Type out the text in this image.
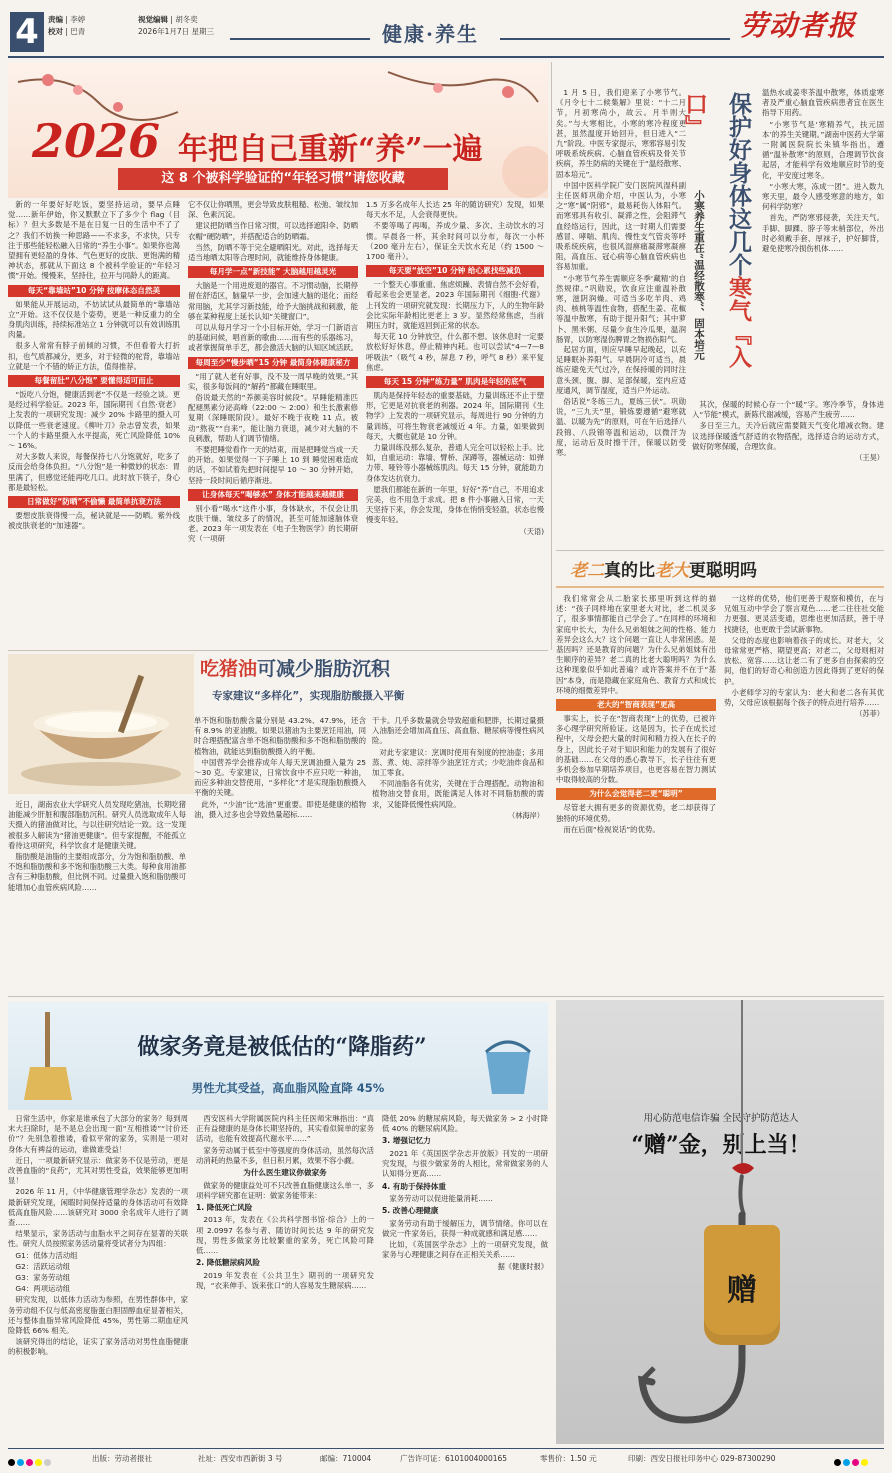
4	责编 | 李婷
校对 | 巴青
视觉编辑 | 胡冬奕
2026年1月7日 星期三	健康·养生	劳动者报
2026 年把自己重新“养”一遍
这 8 个被科学验证的“年轻习惯”请您收藏

新的一年要好好吃饭，要坚持运动，要早点睡觉……新年伊始，你又默默立下了多少个 flag（目标）？但大多数是不是在日复一日的生活中不了了之？我们不妨换一种思路——不求多，不求快，只专注于那些能轻松融入日常的“养生小事”。如果你也渴望拥有更轻盈的身体、气色更好的皮肤、更饱满的精神状态，那就从下面这 8 个被科学验证的“年轻习惯”开始。慢慢来，坚持住，拉开与同龄人的距离。

每天“靠墙站”10 分钟 按摩体态自然美

如果能从开展运动，不妨试试从最简单的“靠墙站立”开始。这不仅仅是个姿势，更是一种反重力的全身肌肉训练，持续标准站立 1 分钟就可以有效训练肌肉量。

很多人常常有脖子前倾的习惯，不但看着大打折扣，也气质都减分，更多，对于轻微的驼背，靠墙站立就是一个不错的矫正方法，值得推荐。

每餐留肚“八分饱” 要懂得适可而止

“饭吃八分饱，健康活到老”不仅是一经验之谈。更是经过科学验证。2023 年，国际期刊《自然·衰老》上发表的一项研究发现：减少 20% 卡路里的摄入可以降低一些衰老速度。《柳叶刀》杂志曾发表，如果一个人的卡路里摄入水平提高，死亡风险降低 10% ～ 16%。

对大多数人来说，每餐保持七八分饱就好，吃多了反而会给身体负担。“八分饱”是一种微妙的状态：胃里满了，但感觉还能再吃几口。此时放下筷子，身心都是最轻松。

日常做好“防晒”不偷懒 最简单抗衰方法

要想皮肤衰得慢一点，秘诀就是——防晒。紫外线被皮肤衰老的“加速器”。

它不仅让你晒黑，更会导致皮肤粗糙、松弛、皱纹加深、色素沉淀。

建议把防晒当作日常习惯，可以选择遮阳伞、防晒衣帽“硬防晒”，并搭配适合的防晒霜。

当然，防晒不等于完全避晒阳光。对此，选择每天适当地晒太阳等合理时间，就能维持身体健康。

每月学一点“新技能” 大脑越用越灵光

大脑是一个用进废退的器官。不习惯动脑，长期停留在舒适区，脑量早一步，会加速大脑的退化；而经常用脑，尤其学习新技能，给予大脑挑战和刺激，能够在某种程度上延长认知“关键窗口”。

可以从每月学习一个小目标开始，学习一门新语言的基础问候，唱首新的歌曲……而有些的乐器练习，或者掌握简单手艺，都会激活大脑的认知区域活跃。

每周至少“慢步晒”15 分钟 最简身体健康秘方

“用了就人老有好事，没不及一周早晚的效果。”其实，很多每饭间的“解药”都藏在睡眠里。

俗说最天然的“养颜美容时候段”。早睡能精准匹配褪黑素分泌高峰（22:00 ～ 2:00）和生长激素修复期（深睡眠阶段）。最好不晚于夜晚 11 点。被动“熬夜”“自来”，能让脑力衰退，减少对大脑的不良刺激，帮助人们调节情绪。

不要把睡觉看作一天的结束，而是把睡觉当成一天的开始。如果觉得一下子睡上 10 到 睡觉困难造成的话，不如试着先把时间提早 10 ～ 30 分钟开始，坚持一段时间后循序渐进。

让身体每天“喝够水” 身体才能越来越健康

别小看“喝水”这件小事，身体缺水，不仅会让肌皮肤干燥、皱纹多了的情况，甚至可能加速脑体衰老。2023 年一项发表在《电子生物医学》的长期研究（一项研

1.5 万多名成年人长达 25 年的随访研究）发现，如果每天水不足，人会衰得更快。

不要等喝了再喝，养成少量、多次、主动饮水的习惯。早晨各一杯，其余时间可以分布，每次一小杯（200 毫升左右），保证全天饮水充足（约 1500 ～ 1700 毫升）。

每天要“放空”10 分钟 给心累找些减负

一个整天心事重重、焦虑烦躁、表情自然不会好看，看起来也会更显老。2023 年国际期刊《细胞·代谢》上刊发的一项研究就发现：长期压力下，人的生物年龄会比实际年龄相比更老上 3 岁。显然经常焦虑，当前期压力时，就能返回到正常的状态。

每天花 10 分钟放空，什么都不想。该休息时一定要放松好好休息，停止精神内耗。也可以尝试“4—7—8 呼吸法”（吸气 4 秒，屏息 7 秒，呼气 8 秒）来平复焦虑。

每天 15 分钟“练力量” 肌肉是年轻的底气

肌肉是保持年轻态的重要基础，力量训练还不止于塑形，它更是对抗衰老的利器。2024 年，国际期刊《生物学》上发表的一项研究显示，每周进行 90 分钟的力量训练，可将生物衰老减缓近 4 年。力量，如果做到每天，大概也就是 10 分钟。

力量训练没那么复杂，普通人完全可以轻松上手。比如，自重运动：靠墙、臂桥、深蹲等，器械运动：如弹力带、哑铃等小器械练肌肉。每天 15 分钟，就能助力身体发达抗衰力。

愿我们都能在新的一年里，好好“养”自己，不用追求完美，也不用急于求成。把 8 件小事融入日常，一天天坚持下来，你会发现，身体在悄悄变轻盈，状态也慢慢变年轻。

（天语)

1 月 5 日，我们迎来了小寒节气。《月令七十二候集解》里说：“十二月节，月初寒尚小，故云。月半则大矣。”与大寒相比，小寒的寒冷程度更甚，虽然温度开始回升，但日进入“二九”阶段。中医专家提示，寒邪容易引发呼吸系统疾病、心脑血管疾病及骨关节疾病，养生防病的关键在于“温经散寒、固本培元”。

中国中医科学院广安门医院风湿科副主任医师巩勋介绍，中医认为，小寒之“寒”属“阴邪”，最易耗伤人体阳气。而寒邪具有收引、凝滞之性，会阻滞气血经络运行，因此，这一时期人们需要感冒、哮喘、肌肉、慢性支气管炎等呼吸系统疾病，也很风湿痹痛凝滞寒凝痹阻，高血压、冠心病等心脑血管疾病也容易加重。

“小寒节气养生需顺应冬季‘藏精’的自然规律。”巩勋说，饮食应注重温补散寒，滋阴润燥。可适当多吃羊肉、鸡肉、核桃等温性食物，搭配生姜、花椒等温中散寒，有助于提升阳气；其中萝卜、黑米粥、尽量少食生冷瓜果，温润肠胃，以防寒湿伤脾胃之物损伤阳气。

起居方面，则应早睡早起晚起，以充足睡眠补养阳气。早晨阴冷可适当，晨练应避免天气过冷，在保持暖的同时注意头颈、腹、脚、足部保暖，室内应适度通风，调节湿度，适当户外运动。

俗话说“冬练三九，夏练三伏”。巩勋说，“三九天”里，锻炼要遵循“避寒就温、以暖为先”的原则，可在午后选择八段锦、八段锦等温和运动，以微汗为度，运动后及时擦干汗，保暖以防受寒。

小寒养生重在“温经散寒”、固本培元 保护好身体这几个寒气『入口』	温热水或姜枣茶温中散寒，体质虚寒者及严重心脑血管疾病患者宜在医生指导下用药。

“小寒节气是‘寒精养气，扶元固本’的养生关键期。”湖南中医药大学第一附属医院院长朱镇华指出，遵循“温补散寒”的原则，合理调节饮食起居，才能科学有效地顺应时节的变化，平安度过寒冬。

“小寒大寒，冻成一团”。进入数九寒天里，最令人感受寒意的地方，如何科学防寒？

首先，严防寒邪侵袭，关注天气。手脚、脚踝、脖子等末梢部位，外出时必须戴手套、厚袜子，护好脚背，避免使寒冷损伤机体……

其次，保暖的时候心存一个“暖”字。寒冷季节，身体进入“节能”模式，新陈代谢减缓，容易产生疲劳……

多日至三九，天冷后就应需要随天气变化增减衣物。建议选择保暖透气舒适的衣物搭配，选择适合的运动方式，做好防寒保暖，合理饮食。

（王昊）
老二真的比老大更聪明吗

我们常常会从二胎家长那里听到这样的描述：“孩子同样地在家里老大对比，老二机灵多了，很多事情都能自己学会了。”在同样的环境和家庭中长大，为什么兄弟姐妹之间的性格、能力差异会这么大？这个问题一直让人非常困惑。是基因吗？还是教育的问题？为什么兄弟姐妹有出生顺序的差异？老二真的比老大聪明吗？为什么这种现象似乎如此普遍？或许答案并不在于“基因”本身，而是隐藏在家庭角色、教育方式和成长环境的细微差异中。

老大的“智商表现”更高

事实上，长子在“智商表现”上的优势，已被许多心理学研究所验证。这是因为，长子在成长过程中，父母会把大量的时间和精力投入在长子的身上，因此长子对于知识和能力的发展有了很好的基础……在父母的悉心教导下，长子往往有更多机会参加早期培养项目，也更容易在智力测试中取得较高的分数。

为什么会觉得老二更“聪明”

尽管老大拥有更多的资源优势，老二却获得了独特的环境优势。

而在后面“检视说话”的优势。

一这样的优势，他们更善于观察和模仿，在与兄姐互动中学会了察言观色……老二往往社交能力更强、更灵活变通，思维也更加活跃，善于寻找捷径，也更敢于尝试新事物。

父母的态度也影响着孩子的成长。对老大，父母常常更严格、期望更高；对老二，父母则相对放松、宽容……这让老二有了更多自由探索的空间，他们的好奇心和创造力因此得到了更好的保护。

小老师学习的专家认为：老大和老二各有其优势，父母应该根据每个孩子的特点进行培养……

（苏菲）
吃猪油可减少脂肪沉积
专家建议“多样化”，实现脂肪酸摄入平衡

近日，湖南农业大学研究人员发现吃猪油，长期吃猪油能减少肝脏和腹部脂肪沉积。研究人员选取成年人每天摄入的猪油做对比，与以往研究结论一致。这一发现被很多人解读为“猪油更健康”。但专家提醒，不能孤立看待这项研究，科学饮食才是健康关键。

脂肪酸是油脂的主要组成部分，分为饱和脂肪酸、单不饱和脂肪酸和多不饱和脂肪酸三大类。每种食用油都含有三种脂肪酸，但比例不同。过量摄入饱和脂肪酸可能增加心血管疾病风险……

单不饱和脂肪酸含量分别是 43.2%、47.9%，还含有 8.9% 的亚油酸。如果以猪油为主要烹饪用油，同时合理搭配富含单不饱和脂肪酸和多不饱和脂肪酸的植物油，就能达到脂肪酸摄入的平衡。

中国营养学会推荐成年人每天烹调油摄入量为 25～30 克。专家建议，日常饮食中不应只吃一种油，而应多种油交替使用，“多样化”才是实现脂肪酸摄入平衡的关键。

此外，“少油”比“选油”更重要。即使是健康的植物油，摄入过多也会导致热量超标……

干卡。几乎多数量就会导致超重和肥胖，长期过量摄入油脂还会增加高血压、高血脂、糖尿病等慢性病风险。

对此专家建议：烹调时使用有刻度的控油壶；多用蒸、煮、炖、凉拌等少油烹饪方式；少吃油炸食品和加工零食。

不同油脂各有优劣，关键在于合理搭配。动物油和植物油交替食用，既能满足人体对不同脂肪酸的需求，又能降低慢性病风险。

（林海岸）
做家务竟是被低估的“降脂药”
男性尤其受益，高血脂风险直降 45%

日常生活中，你家是谁承包了大部分的家务？每到周末大扫除时，是不是总会出现一面“互相推诿”“讨价还价”？先别急着推诿，看似平常的家务，实则是一项对身体大有裨益的运动，谁做谁受益！

近日，一项最新研究显示：做家务不仅是劳动，更是改善血脂的“良药”，尤其对男性受益，效果能够更加明显！

2026 年 11 月，《中华健康管理学杂志》发表的一项最新研究发现，闲暇时间保持适量的身体活动可有效降低高血脂风险……该研究对 3000 余名成年人进行了调查……

结果显示，家务活动与血脂水平之间存在显著的关联性。研究人员按照家务活动量将受试者分为四组：

G1：低体力活动组

G2：活跃运动组

G3：家务劳动组

G4：两项运动组

研究发现，以低体力活动为参照，在男性群体中，家务劳动组不仅与低高密度脂蛋白胆固醇血症显著相关，还与整体血脂异常风险降低 45%，男性第二期血症风险降低 66% 相关。

该研究得出的结论，证实了家务活动对男性血脂健康的积极影响。

西安医科大学附属医院内科主任医师宋琳指出：“真正有益健康的是身体长期坚持的，其实看似简单的家务活动，也能有效提高代谢水平……”

家务劳动属于低至中等强度的身体活动，虽然每次活动消耗的热量不多，但日积月累，效果不容小觑。

为什么医生建议你做家务

做家务的健康益处可不只改善血脂健康这么单一，多项科学研究都在证明：做家务能带来：

1. 降低死亡风险

2013 年，发表在《公共科学图书馆·综合》上的一项 2.0997 名参与者、随访时间长达 9 年的研究发现，男性多做家务比较繁重的家务，死亡风险可降低……

2. 降低糖尿病风险

2019 年发表在《公共卫生》期刊的一项研究发现，“衣来伸手、饭来张口”的人容易发生糖尿病……

降低 20% 的糖尿病风险，每天做家务 > 2 小时降低 40% 的糖尿病风险。

3. 增强记忆力

2021 年《英国医学杂志开放版》刊发的一项研究发现，与很少做家务的人相比，常常做家务的人认知得分更高……

4. 有助于保持体重

家务劳动可以促进能量消耗……

5. 改善心理健康

家务劳动有助于缓解压力，调节情绪。你可以在做完一件家务后，获得一种成就感和满足感……

比如，《英国医学杂志》上的一项研究发现，做家务与心理健康之间存在正相关关系……

据《健康时报》
用心防范电信诈骗 全民守护防范达人
“赠”金，别上当！
赠
出版：劳动者报社	社址：西安市西新街 3 号	邮编：710004	广告许可证：6101004000165	零售价：1.50 元	印刷：西安日报社印务中心 029-87300290
